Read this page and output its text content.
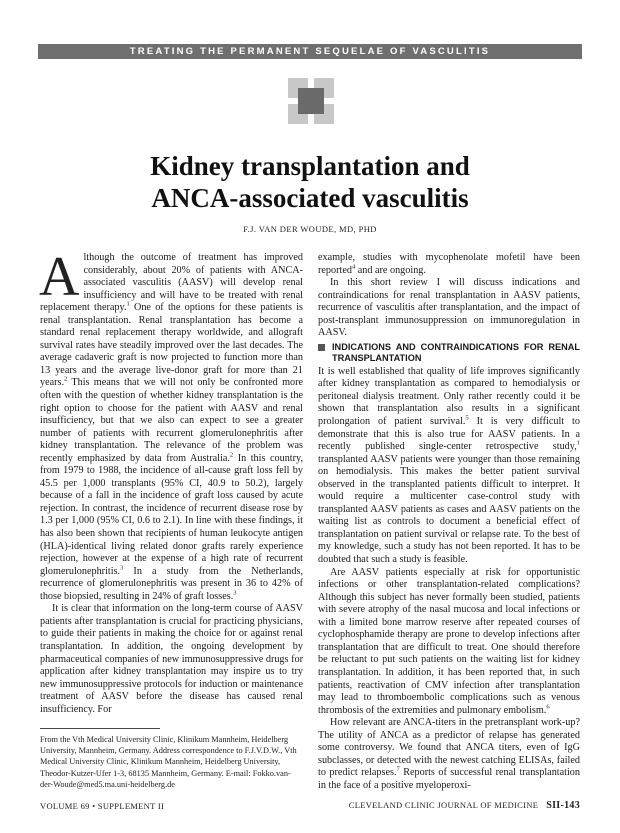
TREATING THE PERMANENT SEQUELAE OF VASCULITIS
Kidney transplantation and
ANCA-associated vasculitis
F.J. VAN DER WOUDE, MD, PHD

Although the outcome of treatment has improved considerably, about 20% of patients with ANCA-associated vasculitis (AASV) will develop renal insufficiency and will have to be treated with renal replacement therapy.$^1$ One of the options for these patients is renal transplantation. Renal transplantation has become a standard renal replacement therapy worldwide, and allograft survival rates have steadily improved over the last decades. The average cadaveric graft is now projected to function more than 13 years and the average live-donor graft for more than 21 years.$^2$ This means that we will not only be confronted more often with the question of whether kidney transplantation is the right option to choose for the patient with AASV and renal insufficiency, but that we also can expect to see a greater number of patients with recurrent glomerulonephritis after kidney transplantation. The relevance of the problem was recently emphasized by data from Australia.$^2$ In this country, from 1979 to 1988, the incidence of all-cause graft loss fell by 45.5 per 1,000 transplants (95% CI, 40.9 to 50.2), largely because of a fall in the incidence of graft loss caused by acute rejection. In contrast, the incidence of recurrent disease rose by 1.3 per 1,000 (95% CI, 0.6 to 2.1). In line with these findings, it has also been shown that recipients of human leukocyte antigen (HLA)-identical living related donor grafts rarely experience rejection, however at the expense of a high rate of recurrent glomerulonephritis.$^3$ In a study from the Netherlands, recurrence of glomerulonephritis was present in 36 to 42% of those biopsied, resulting in 24% of graft losses.$^3$

It is clear that information on the long-term course of AASV patients after transplantation is crucial for practicing physicians, to guide their patients in making the choice for or against renal transplantation. In addition, the ongoing development by pharmaceutical companies of new immunosuppressive drugs for application after kidney transplantation may inspire us to try new immunosuppressive protocols for induction or maintenance treatment of AASV before the disease has caused renal insufficiency. For

From the Vth Medical University Clinic, Klinikum Mannheim, Heidelberg University, Mannheim, Germany. Address correspondence to F.J.V.D.W., Vth Medical University Clinic, Klinikum Mannheim, Heidelberg University, Theodor-Kutzer-Ufer 1-3, 68135 Mannheim, Germany. E-mail: Fokko.van-der-Woude@med5.ma.uni-heidelberg.de

example, studies with mycophenolate mofetil have been reported$^4$ and are ongoing.

In this short review I will discuss indications and contraindications for renal transplantation in AASV patients, recurrence of vasculitis after transplantation, and the impact of post-transplant immunosuppression on immunoregulation in AASV.

INDICATIONS AND CONTRAINDICATIONS FOR RENAL TRANSPLANTATION

It is well established that quality of life improves significantly after kidney transplantation as compared to hemodialysis or peritoneal dialysis treatment. Only rather recently could it be shown that transplantation also results in a significant prolongation of patient survival.$^5$ It is very difficult to demonstrate that this is also true for AASV patients. In a recently published single-center retrospective study,$^1$ transplanted AASV patients were younger than those remaining on hemodialysis. This makes the better patient survival observed in the transplanted patients difficult to interpret. It would require a multicenter case-control study with transplanted AASV patients as cases and AASV patients on the waiting list as controls to document a beneficial effect of transplantation on patient survival or relapse rate. To the best of my knowledge, such a study has not been reported. It has to be doubted that such a study is feasible.

Are AASV patients especially at risk for opportunistic infections or other transplantation-related complications? Although this subject has never formally been studied, patients with severe atrophy of the nasal mucosa and local infections or with a limited bone marrow reserve after repeated courses of cyclophosphamide therapy are prone to develop infections after transplantation that are difficult to treat. One should therefore be reluctant to put such patients on the waiting list for kidney transplantation. In addition, it has been reported that, in such patients, reactivation of CMV infection after transplantation may lead to thromboembolic complications such as venous thrombosis of the extremities and pulmonary embolism.$^6$

How relevant are ANCA-titers in the pretransplant work-up? The utility of ANCA as a predictor of relapse has generated some controversy. We found that ANCA titers, even of IgG subclasses, or detected with the newest catching ELISAs, failed to predict relapses.$^7$ Reports of successful renal transplantation in the face of a positive myeloperoxi-

VOLUME 69 • SUPPLEMENT II	CLEVELAND CLINIC JOURNAL OF MEDICINE SII-143
